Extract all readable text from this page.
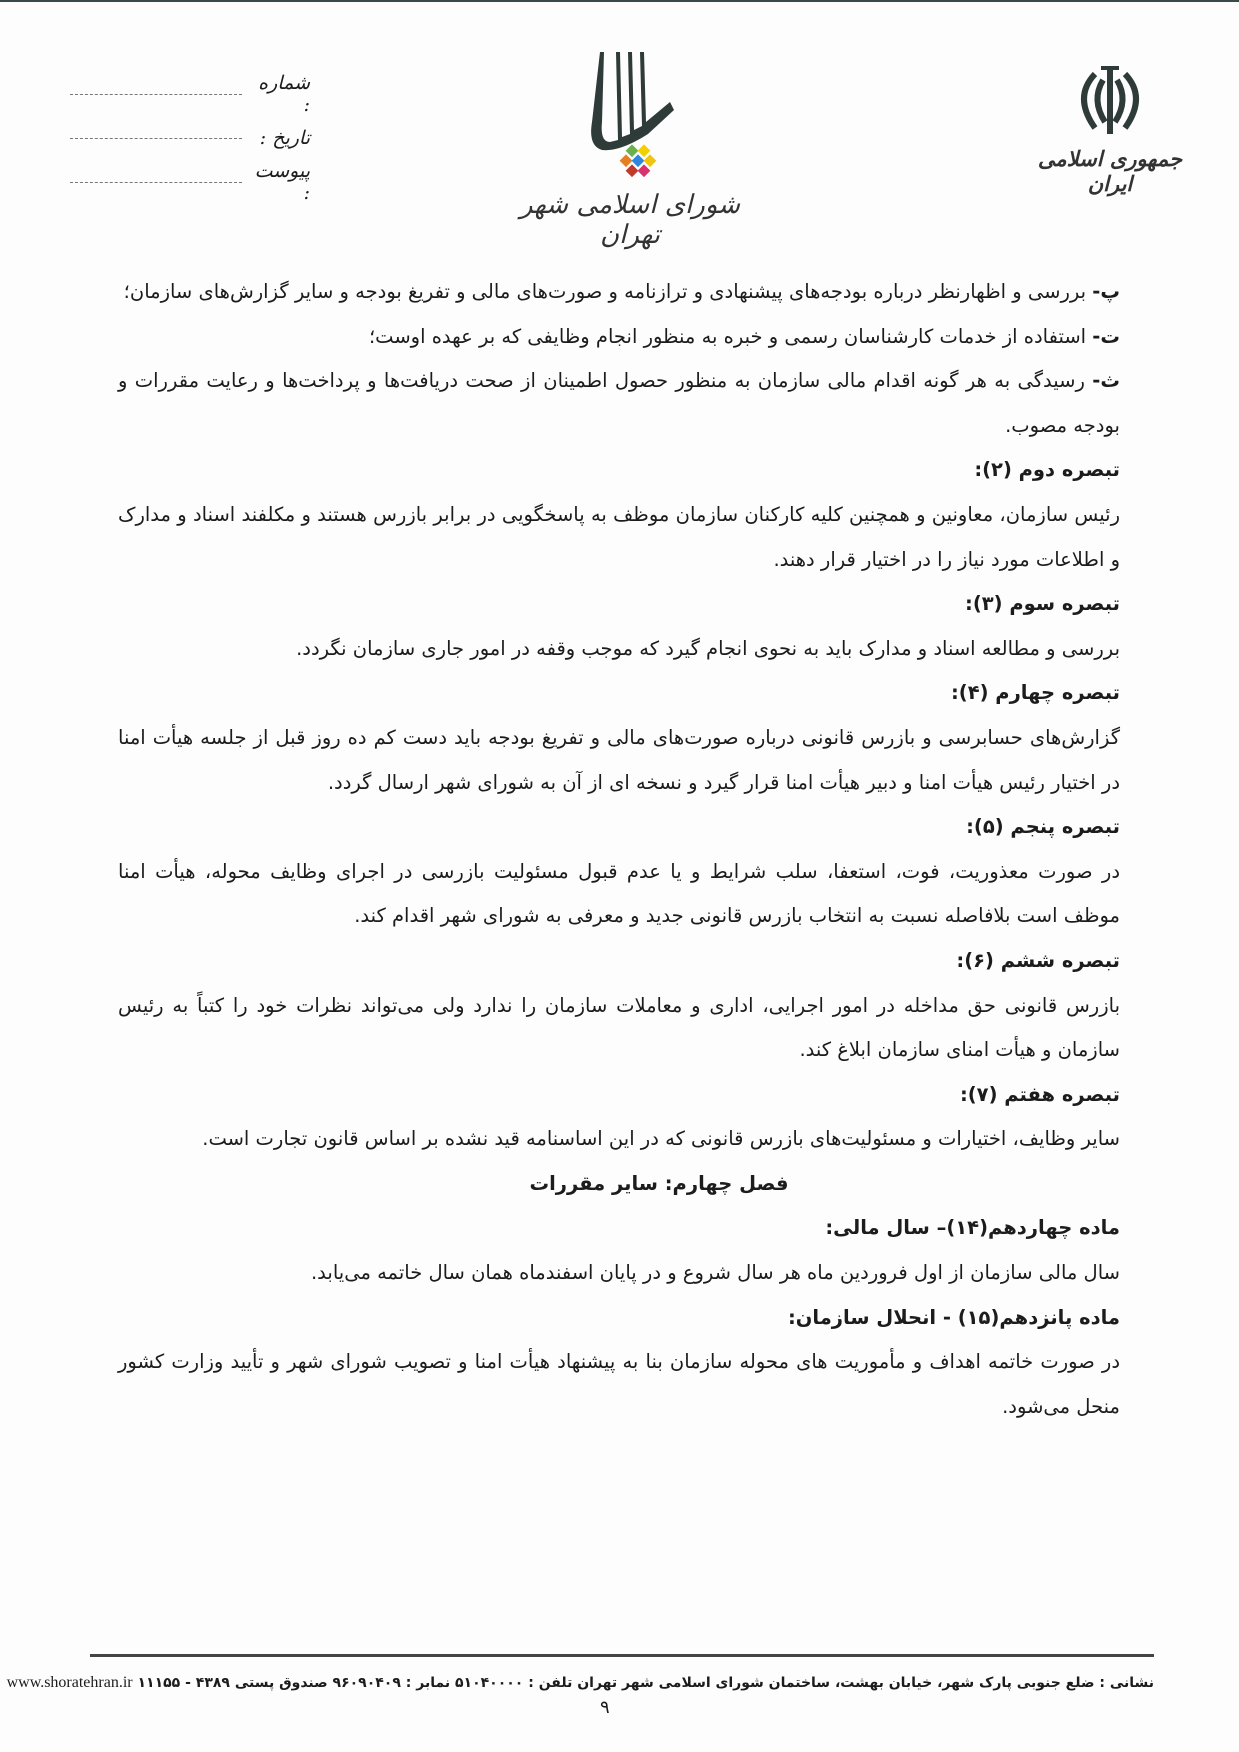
شماره :
تاریخ :
پیوست :	شورای اسلامی شهر تهران
جمهوری اسلامی ایران

پ- بررسی و اظهارنظر درباره بودجه‌های پیشنهادی و ترازنامه و صورت‌های مالی و تفریغ بودجه و سایر گزارش‌های سازمان؛

ت- استفاده از خدمات کارشناسان رسمی و خبره به منظور انجام وظایفی که بر عهده اوست؛

ث- رسیدگی به هر گونه اقدام مالی سازمان به منظور حصول اطمینان از صحت دریافت‌ها و پرداخت‌ها و رعایت مقررات و بودجه مصوب.

تبصره دوم (۲):

رئیس سازمان، معاونین و همچنین کلیه کارکنان سازمان موظف به پاسخگویی در برابر بازرس هستند و مکلفند اسناد و مدارک و اطلاعات مورد نیاز را در اختیار قرار دهند.

تبصره سوم (۳):

بررسی و مطالعه اسناد و مدارک باید به نحوی انجام گیرد که موجب وقفه در امور جاری سازمان نگردد.

تبصره چهارم (۴):

گزارش‌های حسابرسی و بازرس قانونی درباره صورت‌های مالی و تفریغ بودجه باید دست کم ده روز قبل از جلسه هیأت امنا در اختیار رئیس هیأت امنا و دبیر هیأت امنا قرار گیرد و نسخه ای از آن به شورای شهر ارسال گردد.

تبصره پنجم (۵):

در صورت معذوریت، فوت، استعفا، سلب شرایط و یا عدم قبول مسئولیت بازرسی در اجرای وظایف محوله، هیأت امنا موظف است بلافاصله نسبت به انتخاب بازرس قانونی جدید و معرفی به شورای شهر اقدام کند.

تبصره ششم (۶):

بازرس قانونی حق مداخله در امور اجرایی، اداری و معاملات سازمان را ندارد ولی می‌تواند نظرات خود را کتباً به رئیس سازمان و هیأت امنای سازمان ابلاغ کند.

تبصره هفتم (۷):

سایر وظایف، اختیارات و مسئولیت‌های بازرس قانونی که در این اساسنامه قید نشده بر اساس قانون تجارت است.

فصل چهارم: سایر مقررات

ماده چهاردهم(۱۴)– سال مالی:

سال مالی سازمان از اول فروردین ماه هر سال شروع و در پایان اسفندماه همان سال خاتمه می‌یابد.

ماده پانزدهم(۱۵) - انحلال سازمان:

در صورت خاتمه اهداف و مأموریت های محوله سازمان بنا به پیشنهاد هیأت امنا و تصویب شورای شهر و تأیید وزارت کشور منحل می‌شود.

نشانی : ضلع جنوبی پارک شهر، خیابان بهشت، ساختمان شورای اسلامی شهر تهران تلفن : ۵۱۰۴۰۰۰۰ نمابر : ۹۶۰۹۰۴۰۹ صندوق پستی ۴۳۸۹ - ۱۱۱۵۵ www.shoratehran.ir
۹
